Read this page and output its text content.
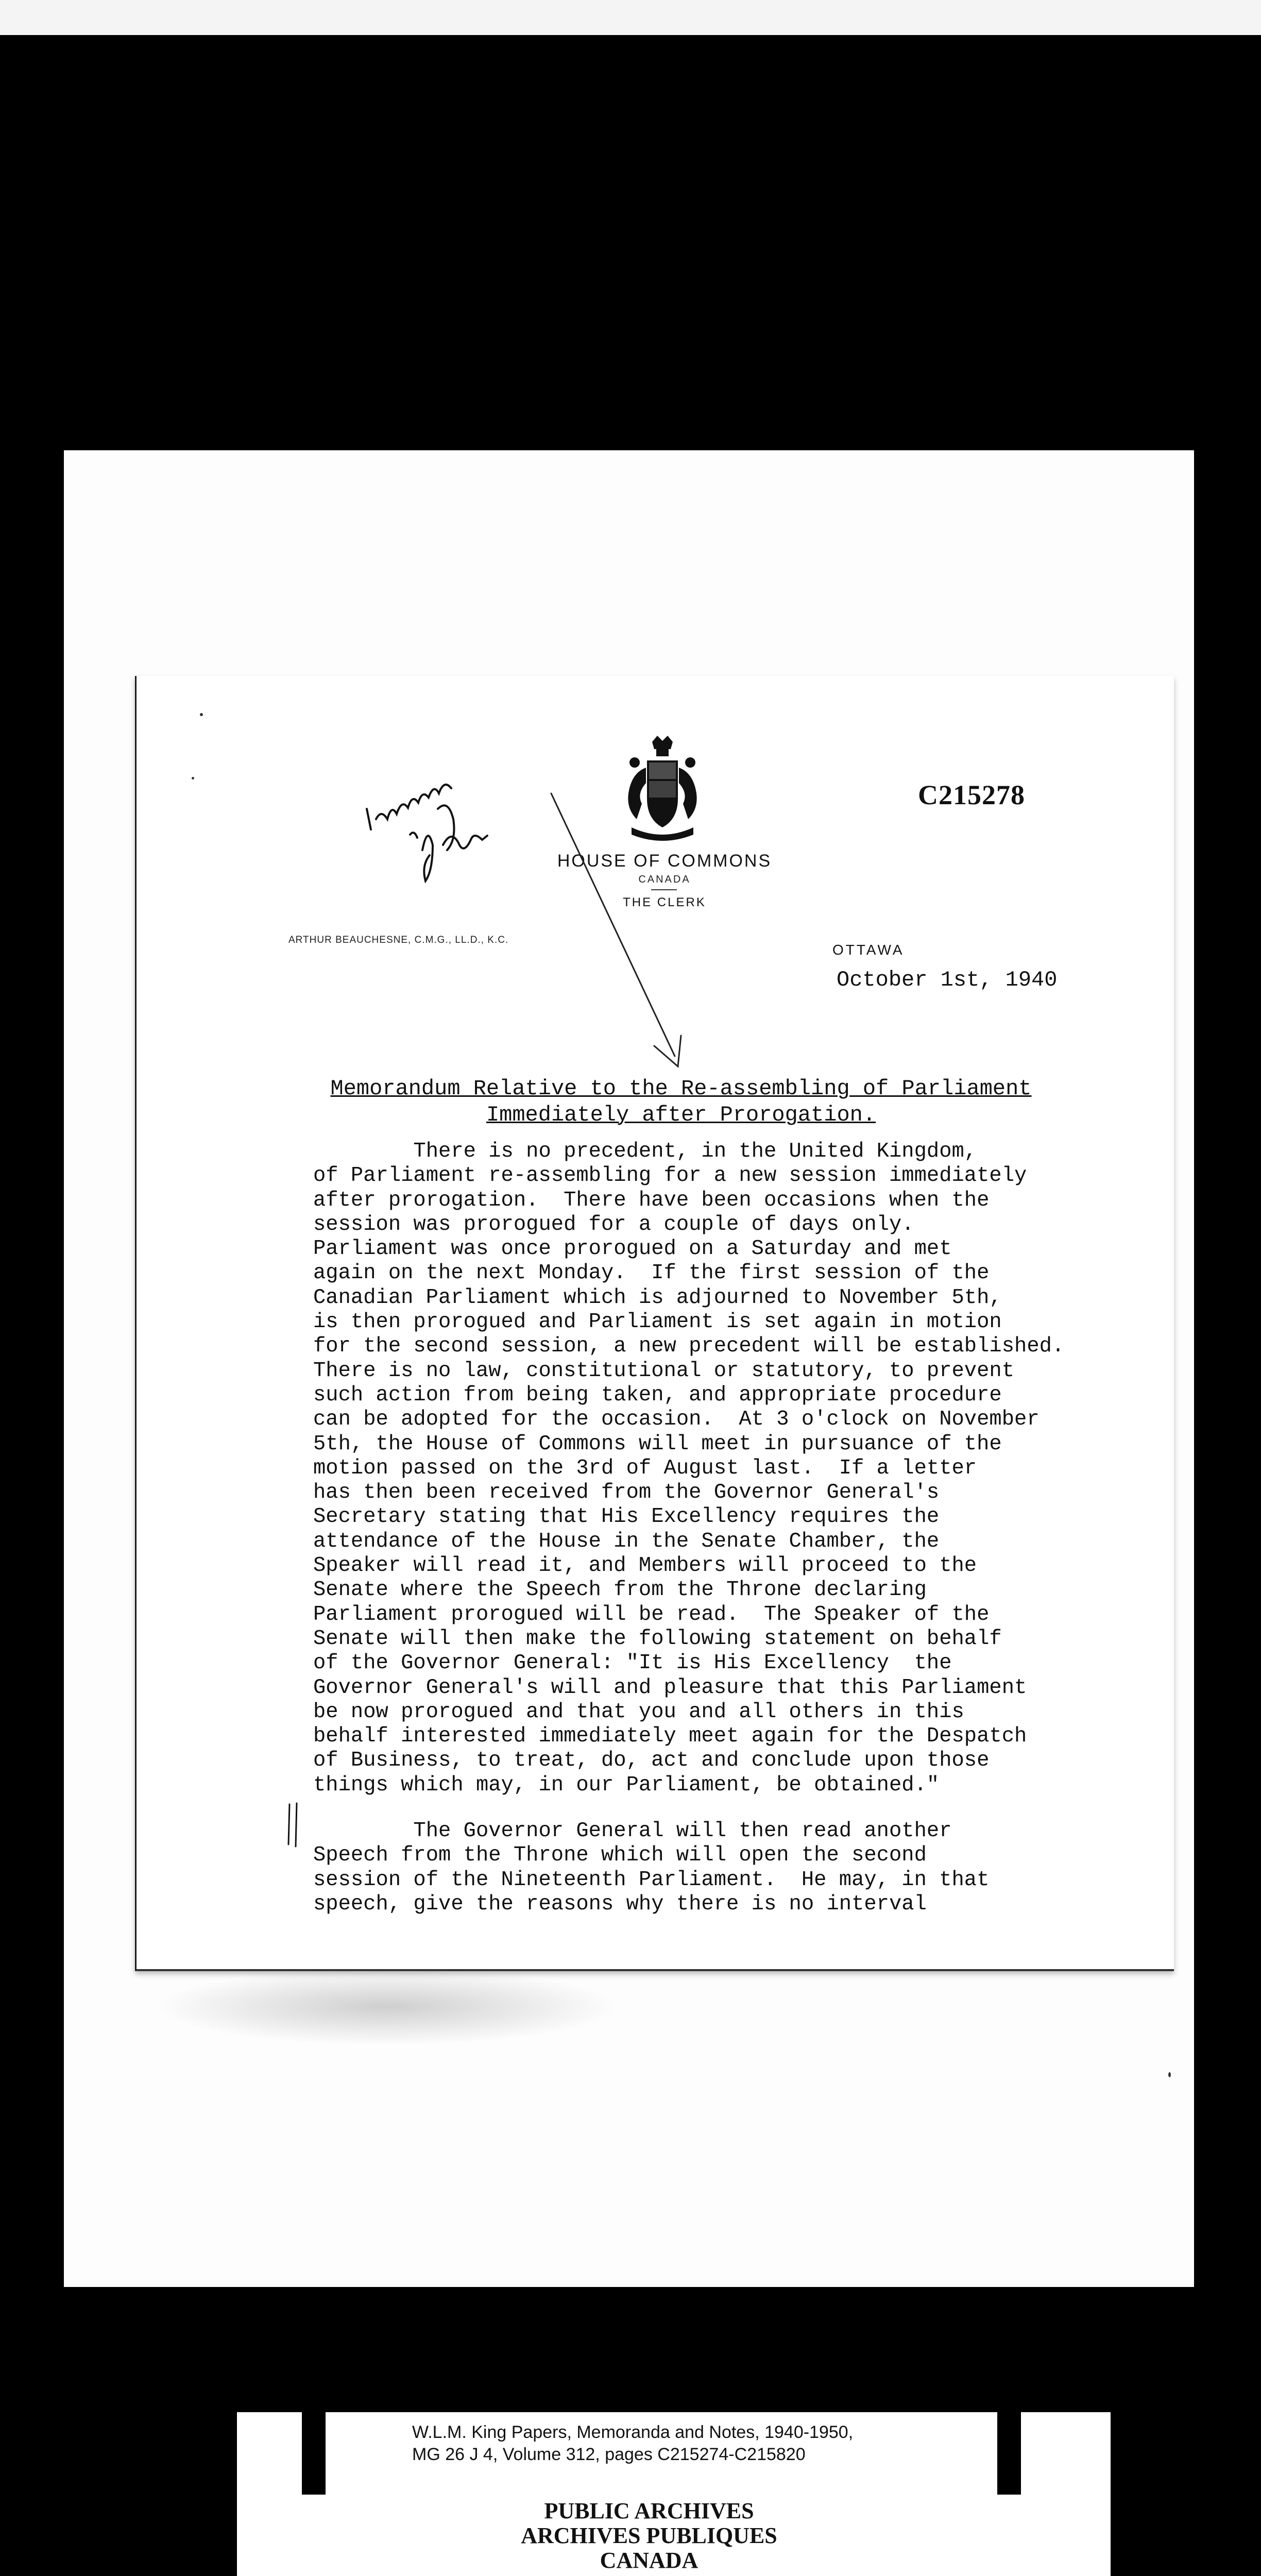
HOUSE OF COMMONS
CANADA
THE CLERK
ARTHUR BEAUCHESNE, C.M.G., LL.D., K.C.
OTTAWA
October 1st, 1940
C215278
Memorandum Relative to the Re-assembling of Parliament
Immediately after Prorogation.

There is no precedent, in the United Kingdom,
of Parliament re-assembling for a new session immediately
after prorogation.  There have been occasions when the
session was prorogued for a couple of days only.
Parliament was once prorogued on a Saturday and met
again on the next Monday.  If the first session of the
Canadian Parliament which is adjourned to November 5th,
is then prorogued and Parliament is set again in motion
for the second session, a new precedent will be established.
There is no law, constitutional or statutory, to prevent
such action from being taken, and appropriate procedure
can be adopted for the occasion.  At 3 o'clock on November
5th, the House of Commons will meet in pursuance of the
motion passed on the 3rd of August last.  If a letter
has then been received from the Governor General's
Secretary stating that His Excellency requires the
attendance of the House in the Senate Chamber, the
Speaker will read it, and Members will proceed to the
Senate where the Speech from the Throne declaring
Parliament prorogued will be read.  The Speaker of the
Senate will then make the following statement on behalf
of the Governor General: "It is His Excellency  the
Governor General's will and pleasure that this Parliament
be now prorogued and that you and all others in this
behalf interested immediately meet again for the Despatch
of Business, to treat, do, act and conclude upon those
things which may, in our Parliament, be obtained."

The Governor General will then read another
Speech from the Throne which will open the second
session of the Nineteenth Parliament.  He may, in that
speech, give the reasons why there is no interval

W.L.M. King Papers, Memoranda and Notes, 1940-1950,
MG 26 J 4, Volume 312, pages C215274-C215820
PUBLIC ARCHIVES
ARCHIVES PUBLIQUES
CANADA
